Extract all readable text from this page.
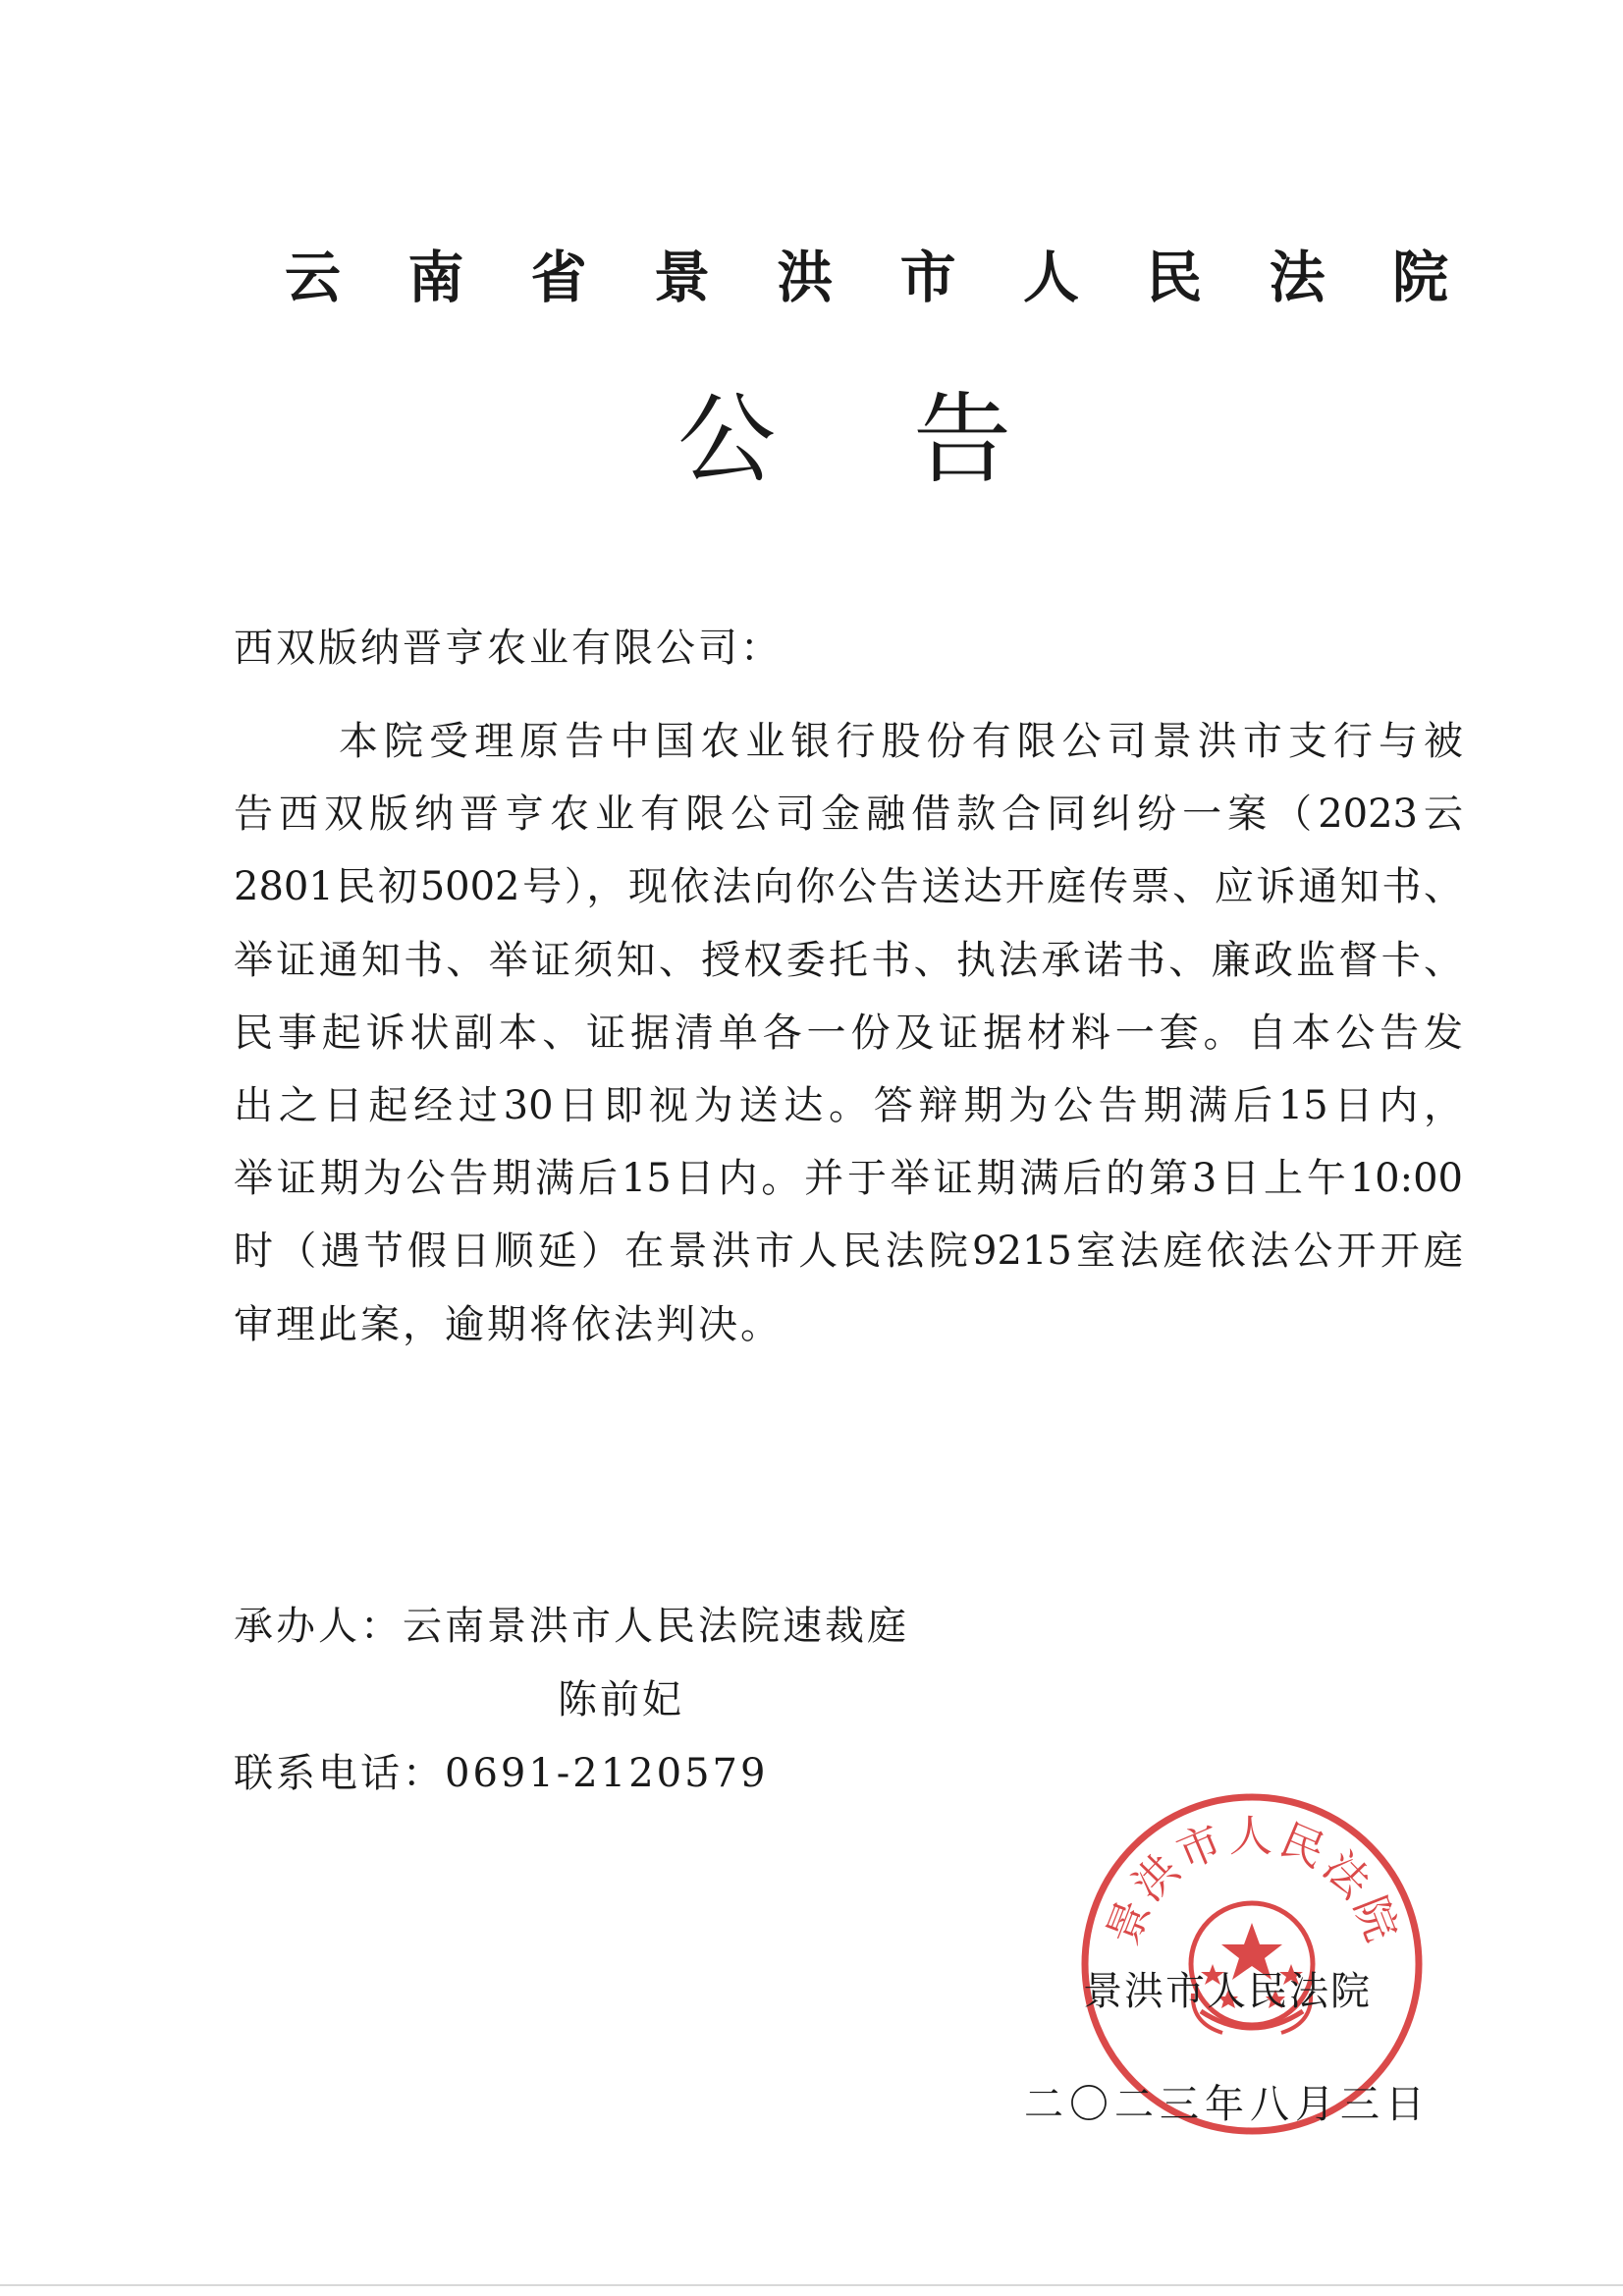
云 南 省 景 洪 市 人 民 法 院
公 告
西双版纳晋亨农业有限公司：
本院受理原告中国农业银行股份有限公司景洪市支行与被
告西双版纳晋亨农业有限公司金融借款合同纠纷一案（2023云
2801民初5002号），现依法向你公告送达开庭传票、应诉通知书、
举证通知书、举证须知、授权委托书、执法承诺书、廉政监督卡、
民事起诉状副本、证据清单各一份及证据材料一套。自本公告发
出之日起经过30日即视为送达。答辩期为公告期满后15日内，
举证期为公告期满后15日内。并于举证期满后的第3日上午10:00
时（遇节假日顺延）在景洪市人民法院9215室法庭依法公开开庭
审理此案，逾期将依法判决。
承办人：云南景洪市人民法院速裁庭
陈前妃
联系电话：0691-2120579
景洪市人民法院
景洪市人民法院
二〇二三年八月三日
